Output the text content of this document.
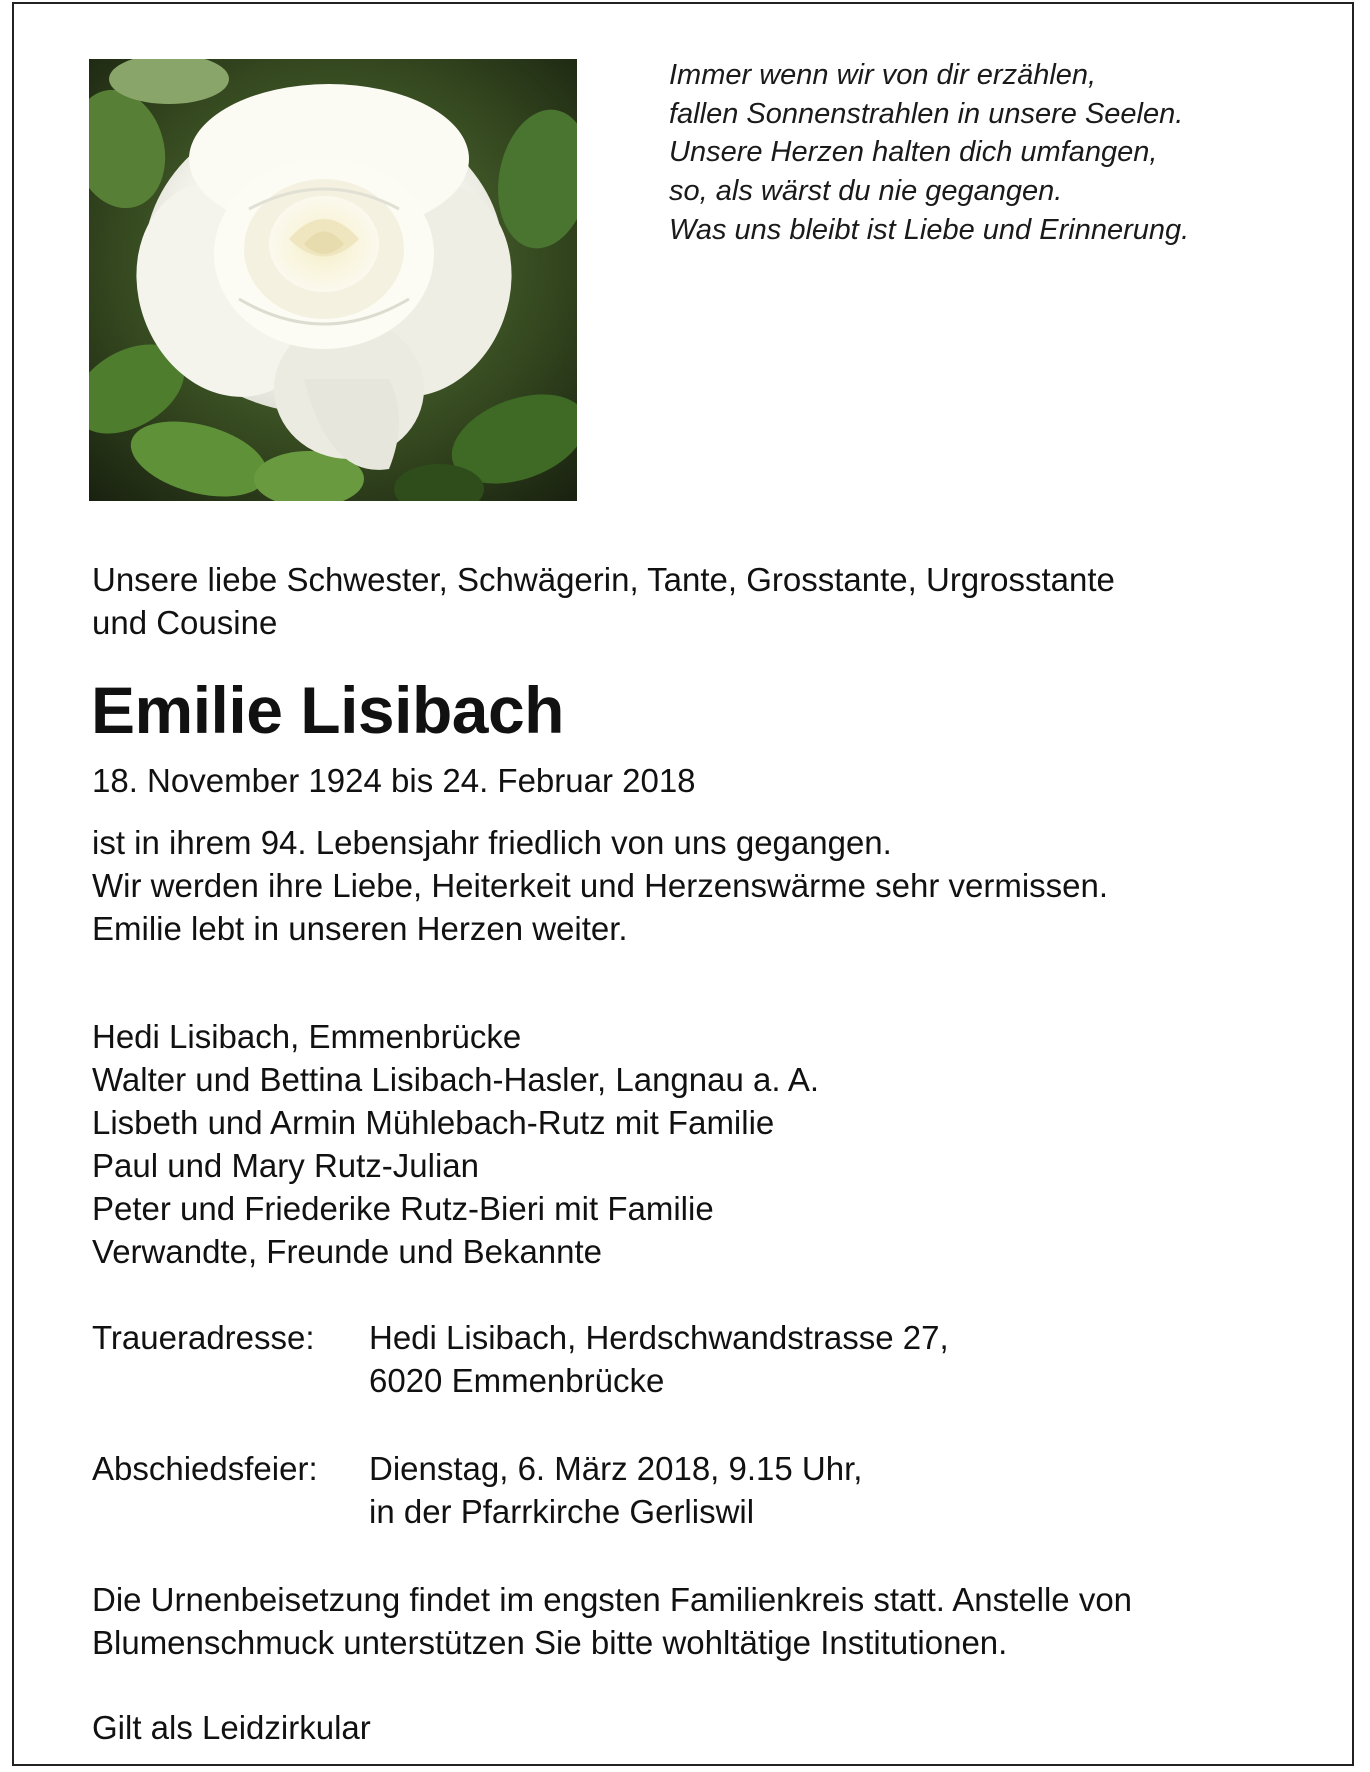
Immer wenn wir von dir erzählen,
fallen Sonnenstrahlen in unsere Seelen.
Unsere Herzen halten dich umfangen,
so, als wärst du nie gegangen.
Was uns bleibt ist Liebe und Erinnerung.
Unsere liebe Schwester, Schwägerin, Tante, Grosstante, Urgrosstante
und Cousine
Emilie Lisibach
18. November 1924 bis 24. Februar 2018
ist in ihrem 94. Lebensjahr friedlich von uns gegangen.
Wir werden ihre Liebe, Heiterkeit und Herzenswärme sehr vermissen.
Emilie lebt in unseren Herzen weiter.
Hedi Lisibach, Emmenbrücke
Walter und Bettina Lisibach-Hasler, Langnau a. A.
Lisbeth und Armin Mühlebach-Rutz mit Familie
Paul und Mary Rutz-Julian
Peter und Friederike Rutz-Bieri mit Familie
Verwandte, Freunde und Bekannte
Traueradresse: Hedi Lisibach, Herdschwandstrasse 27,
6020 Emmenbrücke
Abschiedsfeier: Dienstag, 6. März 2018, 9.15 Uhr,
in der Pfarrkirche Gerliswil
Die Urnenbeisetzung findet im engsten Familienkreis statt. Anstelle von
Blumenschmuck unterstützen Sie bitte wohltätige Institutionen.
Gilt als Leidzirkular
